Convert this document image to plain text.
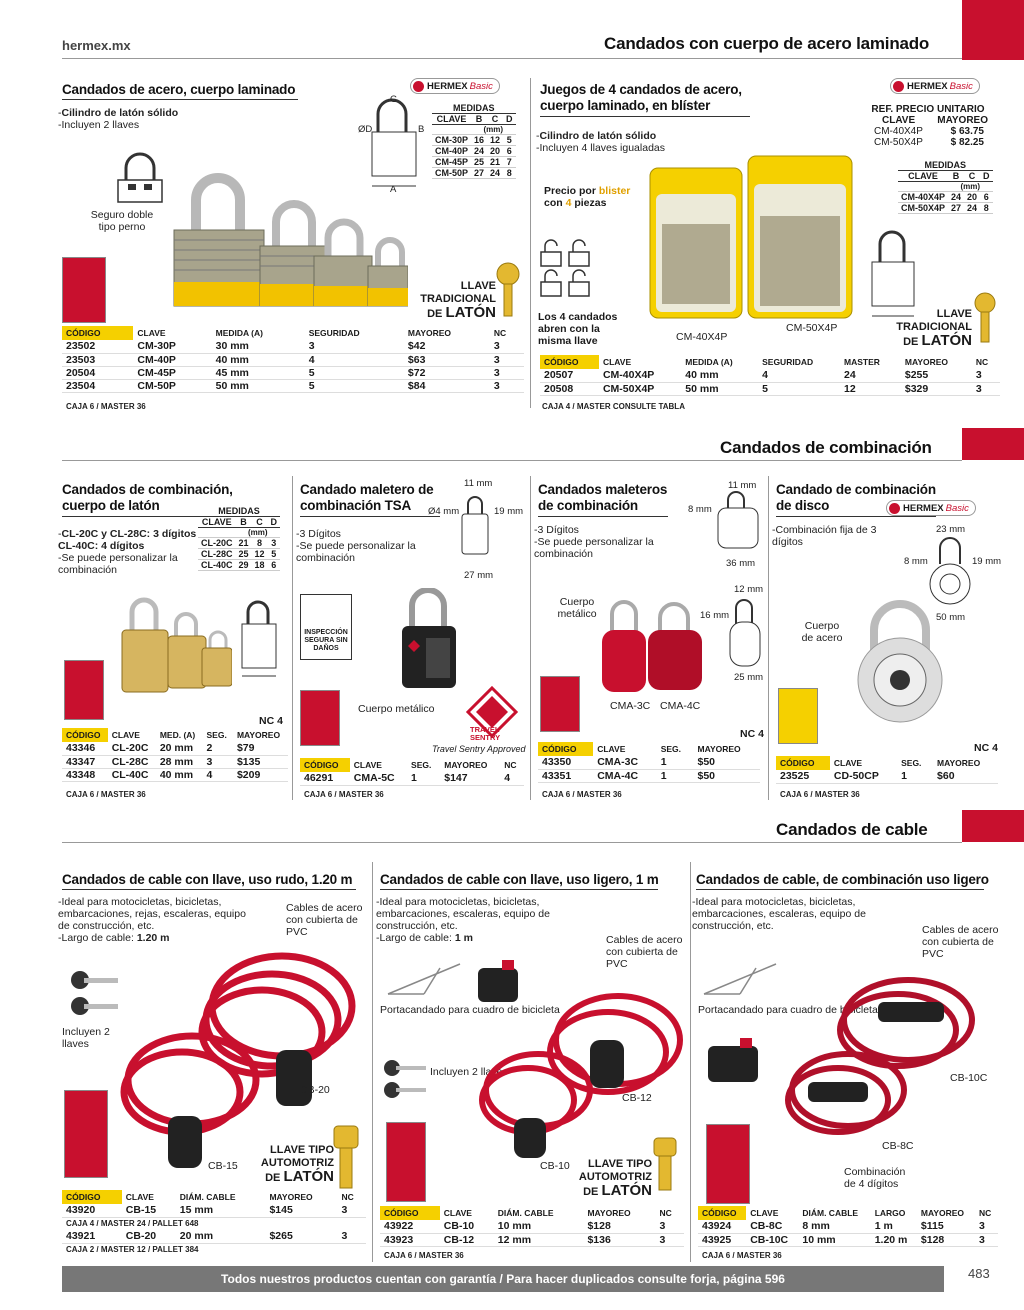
hermex.mx	Candados con cuerpo de acero laminado
Candados de acero, cuerpo laminado	HERMEX Basic
-Cilindro de latón sólido
-Incluyen 2 llaves
Seguro doble tipo perno
C
ØD	B
A
MEDIDAS			
CLAVE	B	C	D
	(mm)		
CM-30P	16	12	5
CM-40P	24	20	6
CM-45P	25	21	7
CM-50P	27	24	8
LLAVE
TRADICIONAL
DE LATÓN
CÓDIGO	CLAVE	MEDIDA (A)	SEGURIDAD	MAYOREO	NC
23502	CM-30P	30 mm	3	$42	3
23503	CM-40P	40 mm	4	$63	3
20504	CM-45P	45 mm	5	$72	3
23504	CM-50P	50 mm	5	$84	3
CAJA 6 / MASTER 36
Juegos de 4 candados de acero,
cuerpo laminado, en blíster
HERMEX Basic
-Cilindro de latón sólido
-Incluyen 4 llaves igualadas
Precio por blister
con 4 piezas
Los 4 candados abren con la misma llave	CM-40X4P
CM-50X4P
REF. PRECIO UNITARIO
CLAVE MAYOREO
CM-40X4P	$ 63.75
CM-50X4P	$ 82.25
MEDIDAS			
CLAVE	B	C	D
	(mm)		
CM-40X4P	24	20	6
CM-50X4P	27	24	8
LLAVE
TRADICIONAL
DE LATÓN
CÓDIGO	CLAVE	MEDIDA (A)	SEGURIDAD	MASTER	MAYOREO	NC
20507	CM-40X4P	40 mm	4	24	$255	3
20508	CM-50X4P	50 mm	5	12	$329	3
CAJA 4 / MASTER CONSULTE TABLA
Candados de combinación
Candados de combinación,
cuerpo de latón
-CL-20C y CL-28C: 3 dígitos
CL-40C: 4 dígitos
-Se puede personalizar la combinación
MEDIDAS			
CLAVE	B	C	D
	(mm)		
CL-20C	21	8	3
CL-28C	25	12	5
CL-40C	29	18	6
NC 4
CÓDIGO	CLAVE	MED. (A)	SEG.	MAYOREO
43346	CL-20C	20 mm	2	$79
43347	CL-28C	28 mm	3	$135
43348	CL-40C	40 mm	4	$209
CAJA 6 / MASTER 36
Candado maletero de
combinación TSA
-3 Dígitos
-Se puede personalizar la combinación
11 mm
Ø4 mm	19 mm
27 mm
INSPECCIÓN SEGURA SIN DAÑOS
Cuerpo metálico
TRAVEL
SENTRY
Travel Sentry Approved
CÓDIGO	CLAVE	SEG.	MAYOREO	NC
46291	CMA-5C	1	$147	4
CAJA 6 / MASTER 36
Candados maleteros
de combinación
-3 Dígitos
-Se puede personalizar la combinación
11 mm
8 mm
36 mm
12 mm
16 mm
25 mm
Cuerpo metálico
CMA-3C CMA-4C
NC 4
CÓDIGO	CLAVE	SEG.	MAYOREO
43350	CMA-3C	1	$50
43351	CMA-4C	1	$50
CAJA 6 / MASTER 36
Candado de combinación
de disco	HERMEX Basic
-Combinación fija de 3 dígitos
23 mm
8 mm	19 mm
50 mm
Cuerpo de acero
NC 4
CÓDIGO	CLAVE	SEG.	MAYOREO
23525	CD-50CP	1	$60
CAJA 6 / MASTER 36
Candados de cable
Candados de cable con llave, uso rudo, 1.20 m
-Ideal para motocicletas, bicicletas, embarcaciones, rejas, escaleras, equipo de construcción, etc.
-Largo de cable: 1.20 m
Cables de acero con cubierta de PVC
Incluyen 2 llaves
CB-20
CB-15
LLAVE TIPO
AUTOMOTRIZ
DE LATÓN
CÓDIGO	CLAVE	DIÁM. CABLE	MAYOREO	NC
43920	CB-15	15 mm	$145	3
CAJA 4 / MASTER 24 / PALLET 648				
43921	CB-20	20 mm	$265	3
CAJA 2 / MASTER 12 / PALLET 384				
Candados de cable con llave, uso ligero, 1 m
-Ideal para motocicletas, bicicletas, embarcaciones, escaleras, equipo de construcción, etc.
-Largo de cable: 1 m	Cables de acero con cubierta de PVC
Portacandado para cuadro de bicicleta
Incluyen 2 llaves
CB-12
CB-10	LLAVE TIPO
AUTOMOTRIZ
DE LATÓN
CÓDIGO	CLAVE	DIÁM. CABLE	MAYOREO	NC
43922	CB-10	10 mm	$128	3
43923	CB-12	12 mm	$136	3
CAJA 6 / MASTER 36
Candados de cable, de combinación uso ligero
-Ideal para motocicletas, bicicletas, embarcaciones, escaleras, equipo de construcción, etc.	Cables de acero con cubierta de PVC
Portacandado para cuadro de bicicleta
CB-10C
CB-8C
Combinación de 4 dígitos
CÓDIGO	CLAVE	DIÁM. CABLE	LARGO	MAYOREO	NC
43924	CB-8C	8 mm	1 m	$115	3
43925	CB-10C	10 mm	1.20 m	$128	3
CAJA 6 / MASTER 36
Todos nuestros productos cuentan con garantía / Para hacer duplicados consulte forja, página 596	483
